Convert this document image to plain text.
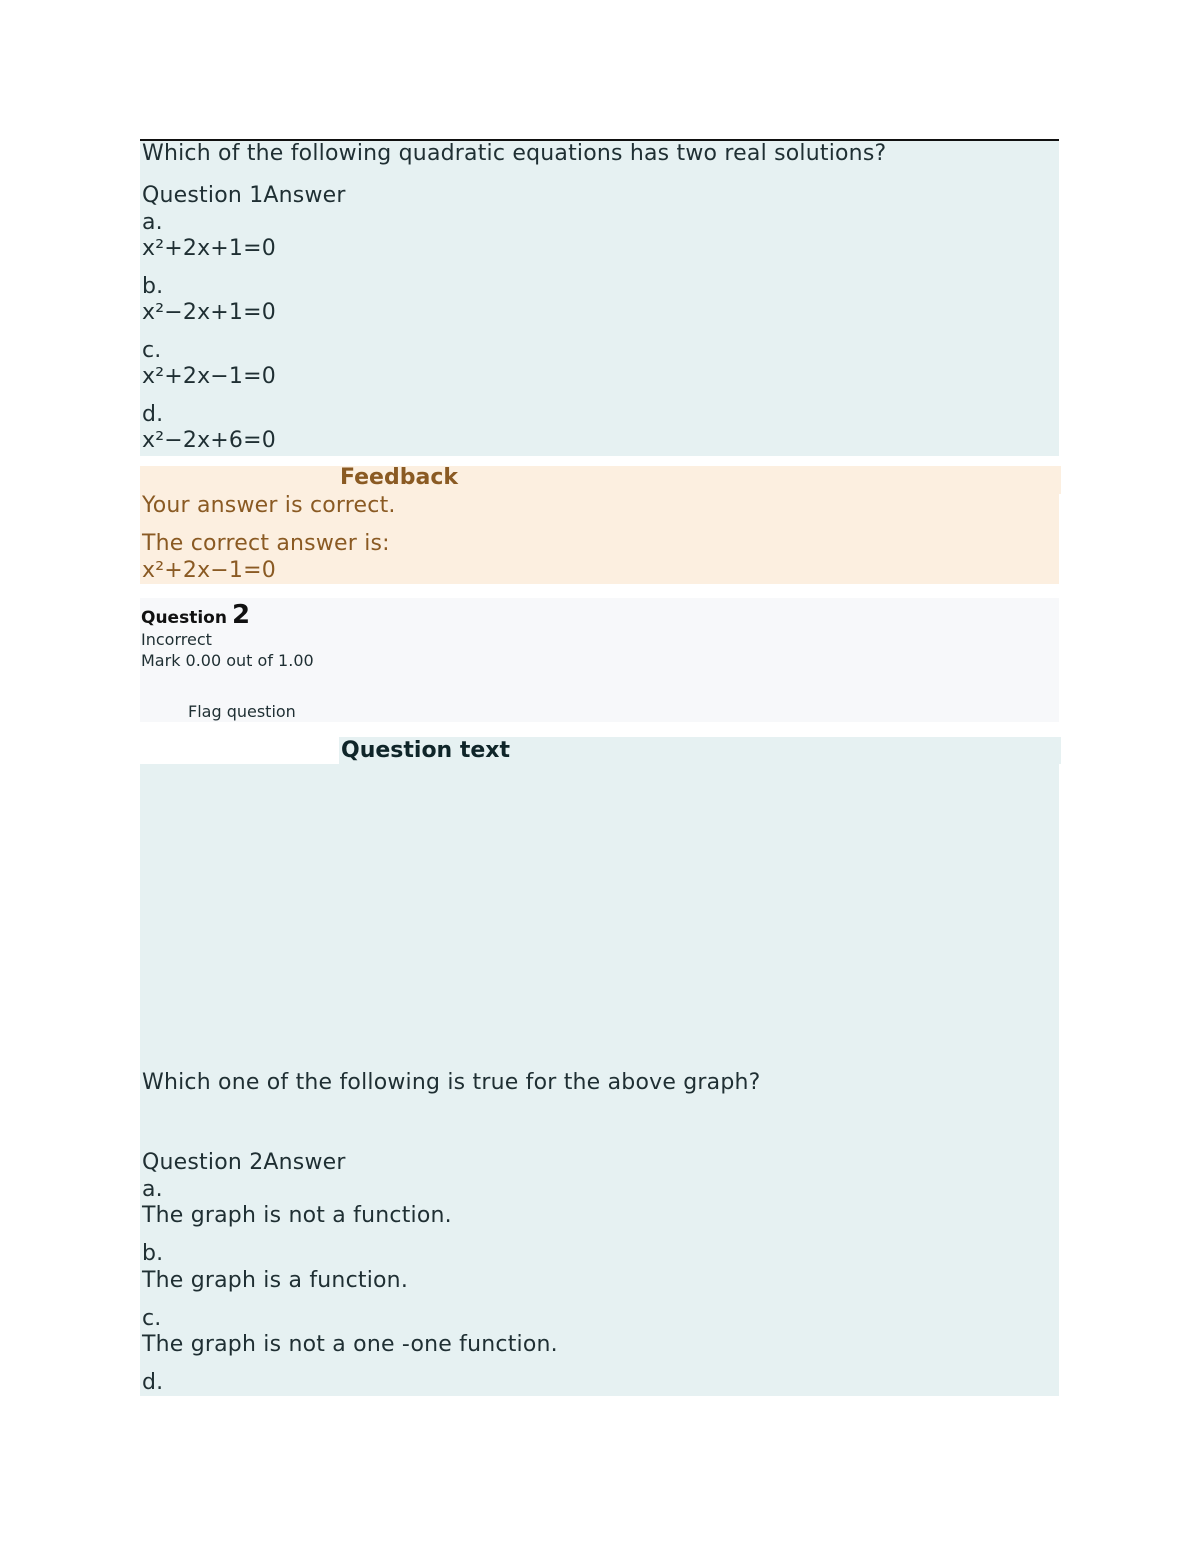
Which of the following quadratic equations has two real solutions?
Question 1Answer
a.
x²+2x+1=0
b.
x²−2x+1=0
c.
x²+2x−1=0
d.
x²−2x+6=0
Feedback
Your answer is correct.
The correct answer is:
x²+2x−1=0
Question 2
Incorrect
Mark 0.00 out of 1.00
Flag question
Question text
Which one of the following is true for the above graph?
Question 2Answer
a.
The graph is not a function.
b.
The graph is a function.
c.
The graph is not a one -one function.
d.
